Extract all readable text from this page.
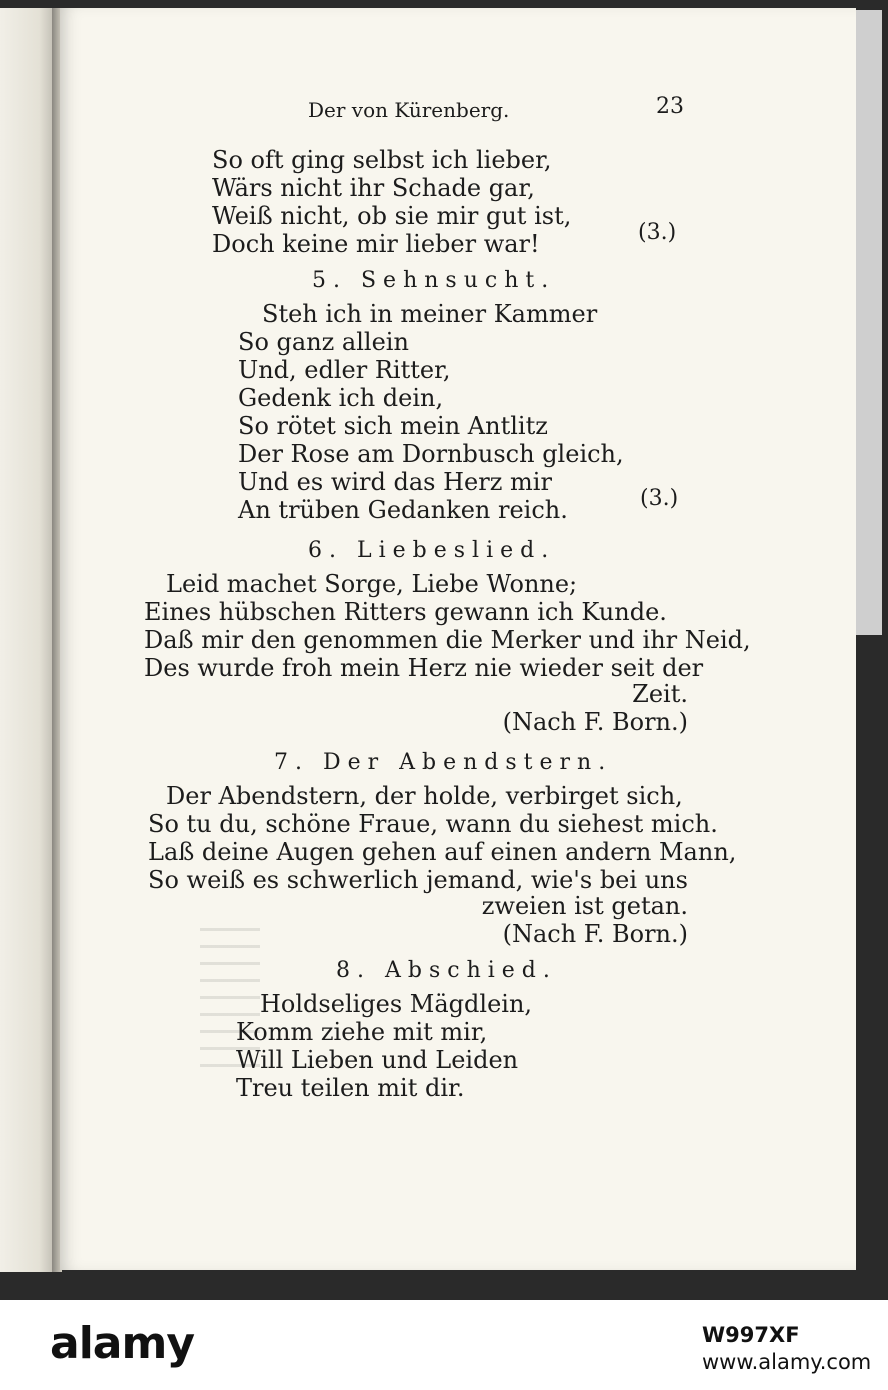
Der von Kürenberg.	23

So oft ging selbst ich lieber,

Wärs nicht ihr Schade gar,

Weiß nicht, ob sie mir gut ist,

Doch keine mir lieber war!	(3.)

5. Sehnsucht.

Steh ich in meiner Kammer

So ganz allein

Und, edler Ritter,

Gedenk ich dein,

So rötet sich mein Antlitz

Der Rose am Dornbusch gleich,

Und es wird das Herz mir

An trüben Gedanken reich.	(3.)

6. Liebeslied.

Leid machet Sorge, Liebe Wonne;

Eines hübschen Ritters gewann ich Kunde.

Daß mir den genommen die Merker und ihr Neid,

Des wurde froh mein Herz nie wieder seit der

Zeit.

(Nach F. Born.)

7. Der Abendstern.

Der Abendstern, der holde, verbirget sich,

So tu du, schöne Fraue, wann du siehest mich.

Laß deine Augen gehen auf einen andern Mann,

So weiß es schwerlich jemand, wie's bei uns

zweien ist getan.

(Nach F. Born.)

8. Abschied.

Holdseliges Mägdlein,

Komm ziehe mit mir,

Will Lieben und Leiden

Treu teilen mit dir.

alamy	W997XF
www.alamy.com
